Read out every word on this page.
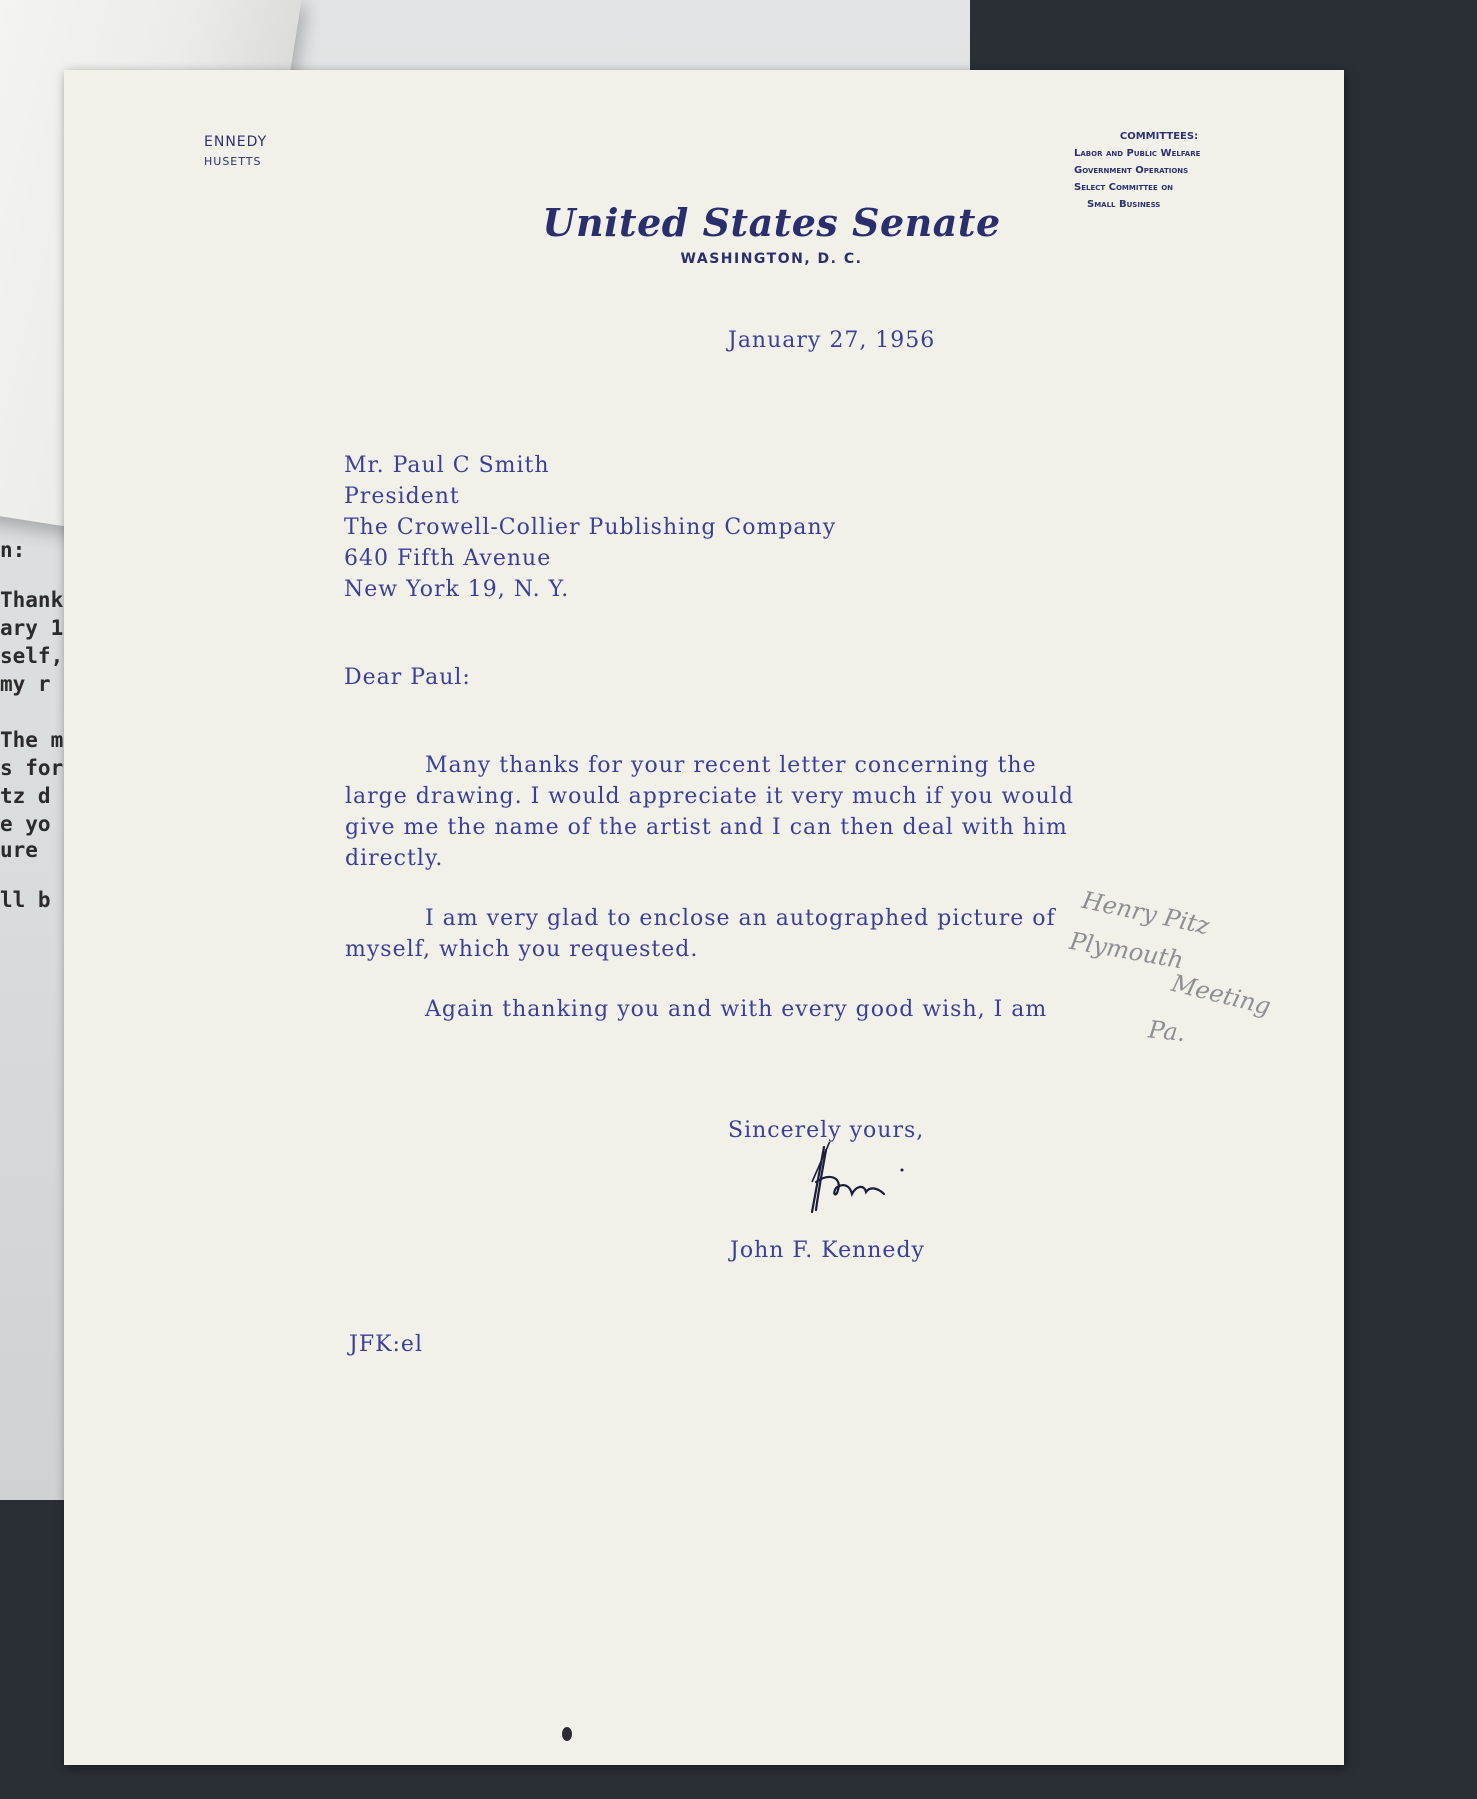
n:
Thank
ary 1
self,
my r
The m
s for
tz d
e yo
ure
ll b
ENNEDY
HUSETTS
COMMITTEES:
Labor and Public Welfare
Government Operations
Select Committee on
Small Business
United States Senate
WASHINGTON, D. C.
January 27, 1956
Mr. Paul C Smith
President
The Crowell-Collier Publishing Company
640 Fifth Avenue
New York 19, N. Y.
Dear Paul:

Many thanks for your recent letter concerning the large drawing. I would appreciate it very much if you would give me the name of the artist and I can then deal with him directly.

I am very glad to enclose an autographed picture of myself, which you requested.

Again thanking you and with every good wish, I am

Sincerely yours,
John F. Kennedy
JFK:el
Henry Pitz
Plymouth
Meeting
Pa.
